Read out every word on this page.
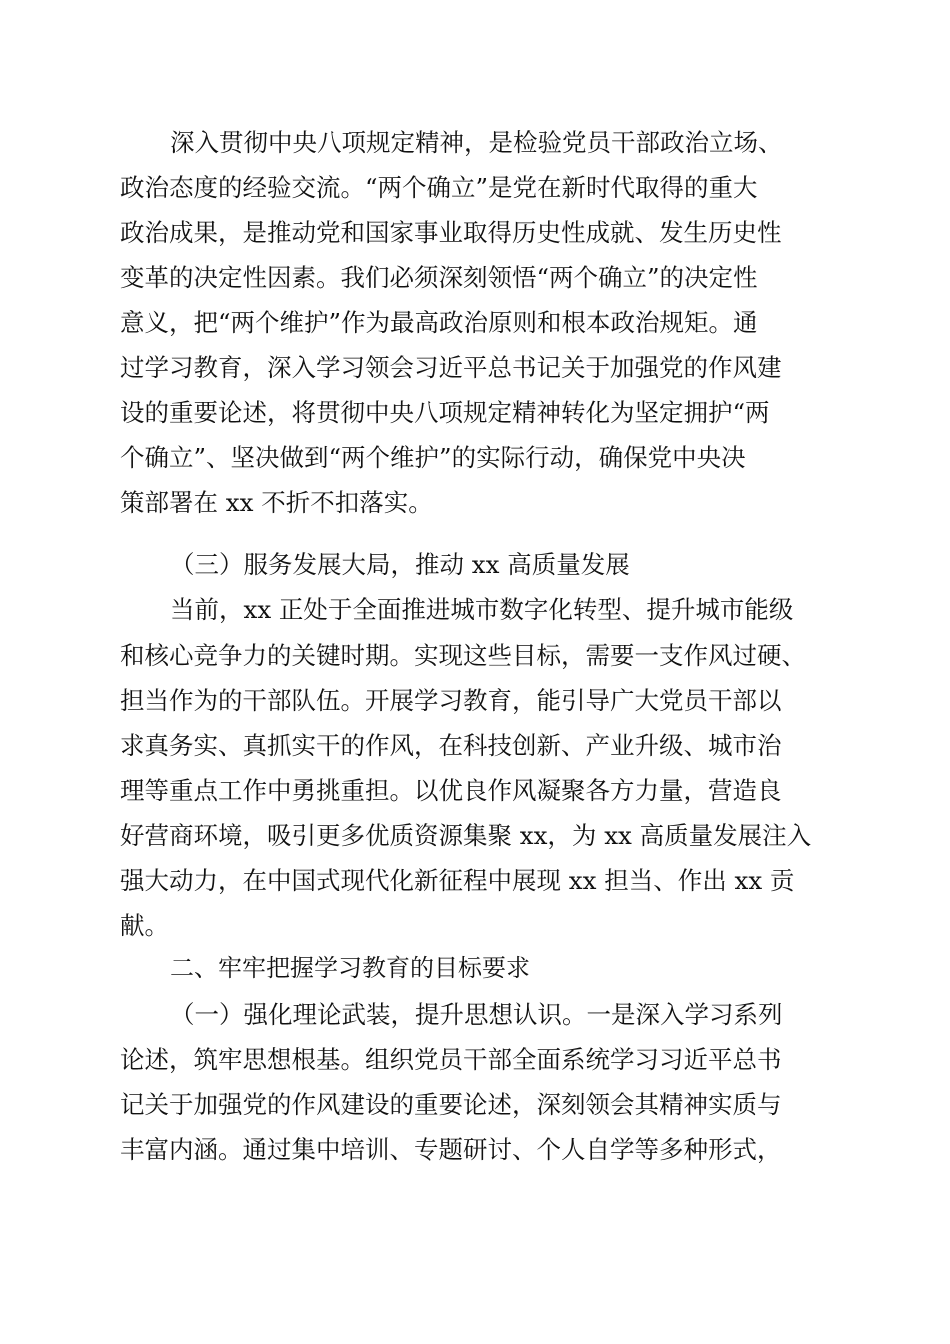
深入贯彻中央八项规定精神，是检验党员干部政治立场、
政治态度的经验交流。“两个确立”是党在新时代取得的重大
政治成果，是推动党和国家事业取得历史性成就、发生历史性
变革的决定性因素。我们必须深刻领悟“两个确立”的决定性
意义，把“两个维护”作为最高政治原则和根本政治规矩。通
过学习教育，深入学习领会习近平总书记关于加强党的作风建
设的重要论述，将贯彻中央八项规定精神转化为坚定拥护“两
个确立”、坚决做到“两个维护”的实际行动，确保党中央决
策部署在 xx 不折不扣落实。
（三）服务发展大局，推动 xx 高质量发展
当前，xx 正处于全面推进城市数字化转型、提升城市能级
和核心竞争力的关键时期。实现这些目标，需要一支作风过硬、
担当作为的干部队伍。开展学习教育，能引导广大党员干部以
求真务实、真抓实干的作风，在科技创新、产业升级、城市治
理等重点工作中勇挑重担。以优良作风凝聚各方力量，营造良
好营商环境，吸引更多优质资源集聚 xx，为 xx 高质量发展注入
强大动力，在中国式现代化新征程中展现 xx 担当、作出 xx 贡
献。
二、牢牢把握学习教育的目标要求
（一）强化理论武装，提升思想认识。一是深入学习系列
论述，筑牢思想根基。组织党员干部全面系统学习习近平总书
记关于加强党的作风建设的重要论述，深刻领会其精神实质与
丰富内涵。通过集中培训、专题研讨、个人自学等多种形式，
